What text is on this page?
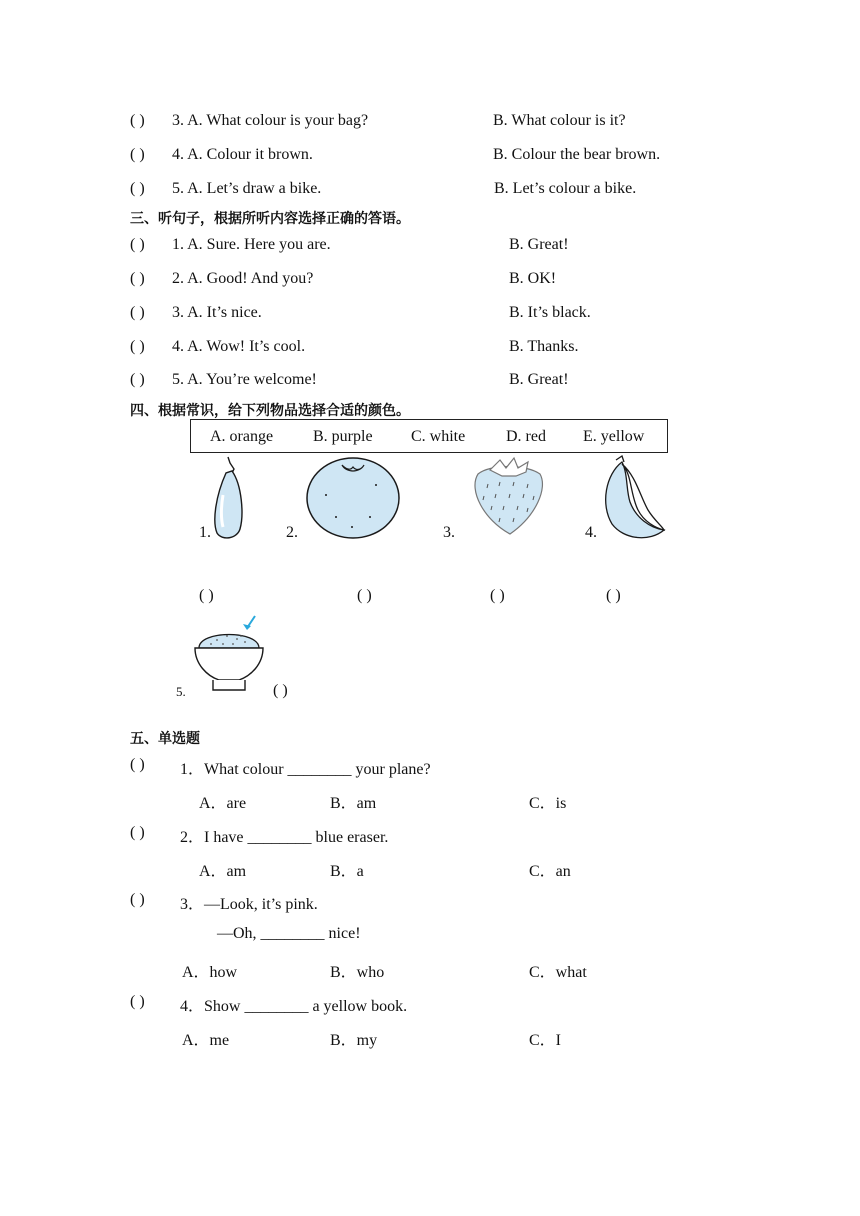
( ) 3. A. What colour is your bag?	B. What colour is it?
( ) 4. A. Colour it brown.	B. Colour the bear brown.
( ) 5. A. Let’s draw a bike.	B. Let’s colour a bike.
三、听句子，根据所听内容选择正确的答语。
( ) 1. A. Sure. Here you are.	B. Great!
( ) 2. A. Good! And you?	B. OK!
( ) 3. A. It’s nice.	B. It’s black.
( ) 4. A. Wow! It’s cool.	B. Thanks.
( ) 5. A. You’re welcome!	B. Great!
四、根据常识，给下列物品选择合适的颜色。
A. orange B. purple C. white	D. red E. yellow
1.	2.	3.	4.
( )	( )	( )	( )
5.	( )
五、单选题
( ) 1．What colour ________ your plane?
A．are	B．am	C．is
( ) 2．I have ________ blue eraser.
A．am	B．a	C．an
( ) 3．—Look, it’s pink.
—Oh, ________ nice!
A．how	B．who	C．what
( ) 4．Show ________ a yellow book.
A．me	B．my	C．I
